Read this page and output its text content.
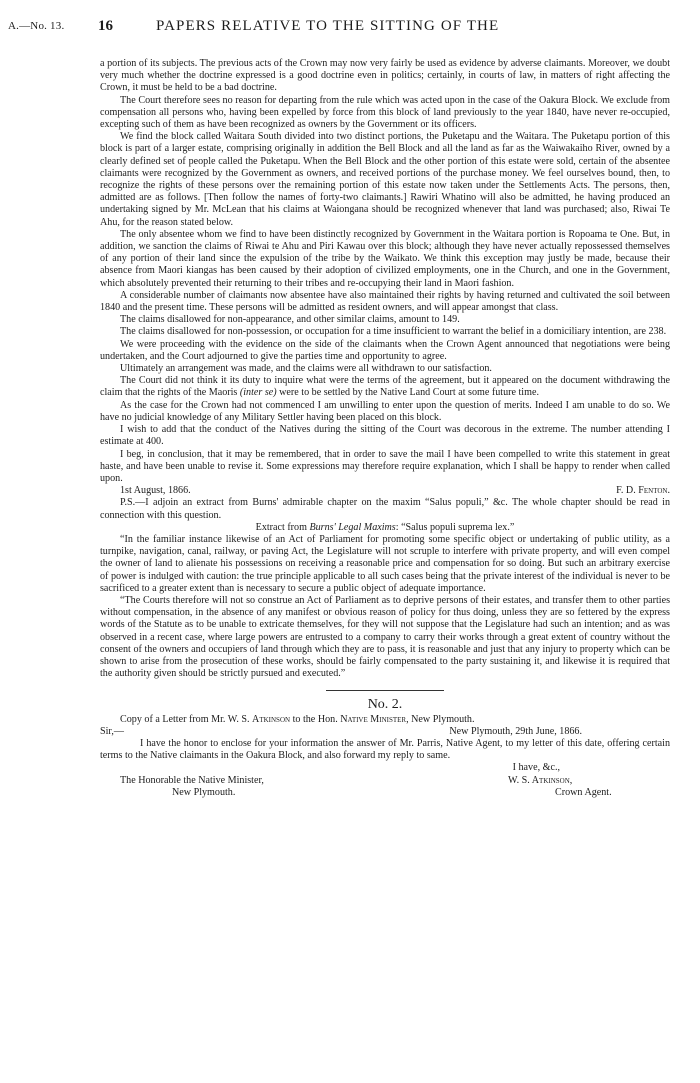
A.—No. 13. 16	PAPERS RELATIVE TO THE SITTING OF THE

a portion of its subjects. The previous acts of the Crown may now very fairly be used as evidence by adverse claimants. Moreover, we doubt very much whether the doctrine expressed is a good doctrine even in politics; certainly, in courts of law, in matters of right affecting the Crown, it must be held to be a bad doctrine.

The Court therefore sees no reason for departing from the rule which was acted upon in the case of the Oakura Block. We exclude from compensation all persons who, having been expelled by force from this block of land previously to the year 1840, have never re-occupied, excepting such of them as have been recognized as owners by the Government or its officers.

We find the block called Waitara South divided into two distinct portions, the Puketapu and the Waitara. The Puketapu portion of this block is part of a larger estate, comprising originally in addition the Bell Block and all the land as far as the Waiwakaiho River, owned by a clearly defined set of people called the Puketapu. When the Bell Block and the other portion of this estate were sold, certain of the absentee claimants were recognized by the Government as owners, and received portions of the purchase money. We feel ourselves bound, then, to recognize the rights of these persons over the remaining portion of this estate now taken under the Settlements Acts. The persons, then, admitted are as follows. [Then follow the names of forty-two claimants.] Rawiri Whatino will also be admitted, he having produced an undertaking signed by Mr. McLean that his claims at Waiongana should be recognized whenever that land was purchased; also, Riwai Te Ahu, for the reason stated below.

The only absentee whom we find to have been distinctly recognized by Government in the Waitara portion is Ropoama te One. But, in addition, we sanction the claims of Riwai te Ahu and Piri Kawau over this block; although they have never actually repossessed themselves of any portion of their land since the expulsion of the tribe by the Waikato. We think this exception may justly be made, because their absence from Maori kiangas has been caused by their adoption of civilized employments, one in the Church, and one in the Government, which absolutely prevented their returning to their tribes and re-occupying their land in Maori fashion.

A considerable number of claimants now absentee have also maintained their rights by having returned and cultivated the soil between 1840 and the present time. These persons will be admitted as resident owners, and will appear amongst that class.

The claims disallowed for non-appearance, and other similar claims, amount to 149.

The claims disallowed for non-possession, or occupation for a time insufficient to warrant the belief in a domiciliary intention, are 238.

We were proceeding with the evidence on the side of the claimants when the Crown Agent announced that negotiations were being undertaken, and the Court adjourned to give the parties time and opportunity to agree.

Ultimately an arrangement was made, and the claims were all withdrawn to our satisfaction.

The Court did not think it its duty to inquire what were the terms of the agreement, but it appeared on the document withdrawing the claim that the rights of the Maoris (inter se) were to be settled by the Native Land Court at some future time.

As the case for the Crown had not commenced I am unwilling to enter upon the question of merits. Indeed I am unable to do so. We have no judicial knowledge of any Military Settler having been placed on this block.

I wish to add that the conduct of the Natives during the sitting of the Court was decorous in the extreme. The number attending I estimate at 400.

I beg, in conclusion, that it may be remembered, that in order to save the mail I have been compelled to write this statement in great haste, and have been unable to revise it. Some expressions may therefore require explanation, which I shall be happy to render when called upon.

1st August, 1866.	F. D. Fenton.

P.S.—I adjoin an extract from Burns' admirable chapter on the maxim “Salus populi,” &c. The whole chapter should be read in connection with this question.

Extract from Burns' Legal Maxims: “Salus populi suprema lex.”

“In the familiar instance likewise of an Act of Parliament for promoting some specific object or undertaking of public utility, as a turnpike, navigation, canal, railway, or paving Act, the Legislature will not scruple to interfere with private property, and will even compel the owner of land to alienate his possessions on receiving a reasonable price and compensation for so doing. But such an arbitrary exercise of power is indulged with caution: the true principle applicable to all such cases being that the private interest of the individual is never to be sacrificed to a greater extent than is necessary to secure a public object of adequate importance.

“The Courts therefore will not so construe an Act of Parliament as to deprive persons of their estates, and transfer them to other parties without compensation, in the absence of any manifest or obvious reason of policy for thus doing, unless they are so fettered by the express words of the Statute as to be unable to extricate themselves, for they will not suppose that the Legislature had such an intention; and as was observed in a recent case, where large powers are entrusted to a company to carry their works through a great extent of country without the consent of the owners and occupiers of land through which they are to pass, it is reasonable and just that any injury to property which can be shown to arise from the prosecution of these works, should be fairly compensated to the party sustaining it, and likewise it is required that the authority given should be strictly pursued and executed.”

No. 2.

Copy of a Letter from Mr. W. S. Atkinson to the Hon. Native Minister, New Plymouth.

Sir,—	New Plymouth, 29th June, 1866.

I have the honor to enclose for your information the answer of Mr. Parris, Native Agent, to my letter of this date, offering certain terms to the Native claimants in the Oakura Block, and also forward my reply to same.

I have, &c.,

The Honorable the Native Minister,
New Plymouth.
W. S. Atkinson,
Crown Agent.
